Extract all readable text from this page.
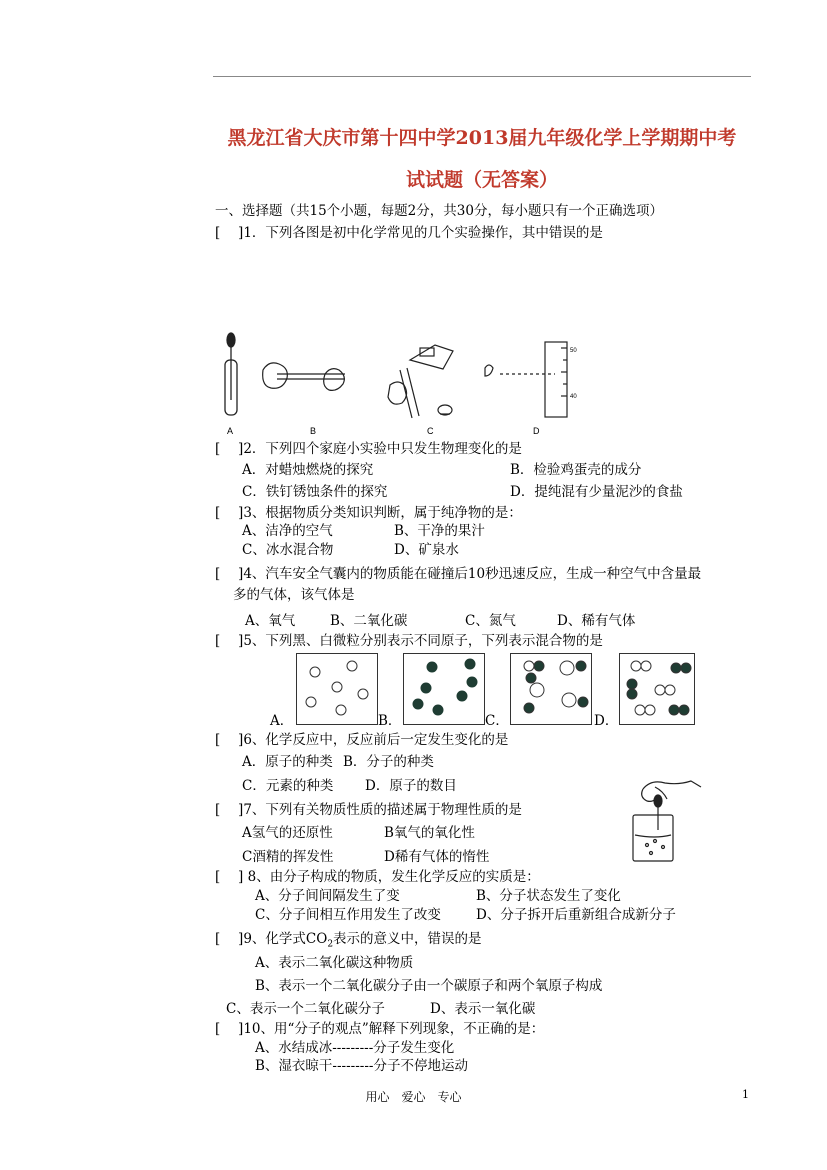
黑龙江省大庆市第十四中学2013届九年级化学上学期期中考
试试题（无答案）
一、选择题（共15个小题，每题2分，共30分，每小题只有一个正确选项）
[　 ]1．下列各图是初中化学常见的几个实验操作，其中错误的是
A	B	C
50
40
D
[　 ]2．下列四个家庭小实验中只发生物理变化的是
A．对蜡烛燃烧的探究	B．检验鸡蛋壳的成分
C．铁钉锈蚀条件的探究	D．提纯混有少量泥沙的食盐
[　 ]3、根据物质分类知识判断，属于纯净物的是：
A、洁净的空气	B、干净的果汁
C、冰水混合物	D、矿泉水
[　 ]4、汽车安全气囊内的物质能在碰撞后10秒迅速反应，生成一种空气中含量最
多的气体，该气体是
A、氧气	B、二氧化碳	C、氮气	D、稀有气体
[　 ]5、下列黑、白微粒分别表示不同原子，下列表示混合物的是
A．	B．	C．	D．
[　 ]6、化学反应中，反应前后一定发生变化的是
A．原子的种类 B．分子的种类
C．元素的种类 D．原子的数目
[　 ]7、下列有关物质性质的描述属于物理性质的是
A氢气的还原性	B氧气的氧化性
C酒精的挥发性	D稀有气体的惰性
[　 ] 8、由分子构成的物质，发生化学反应的实质是：
A、分子间间隔发生了变	B、分子状态发生了变化
C、分子间相互作用发生了改变	D、分子拆开后重新组合成新分子
[　 ]9、化学式$CO_2$表示的意义中，错误的是
A、表示二氧化碳这种物质
B、表示一个二氧化碳分子由一个碳原子和两个氧原子构成
C、表示一个二氧化碳分子	D、表示一氧化碳
[　 ]10、用“分子的观点”解释下列现象，不正确的是：
A、水结成冰---------分子发生变化
B、湿衣晾干---------分子不停地运动
用心　爱心　专心	1
